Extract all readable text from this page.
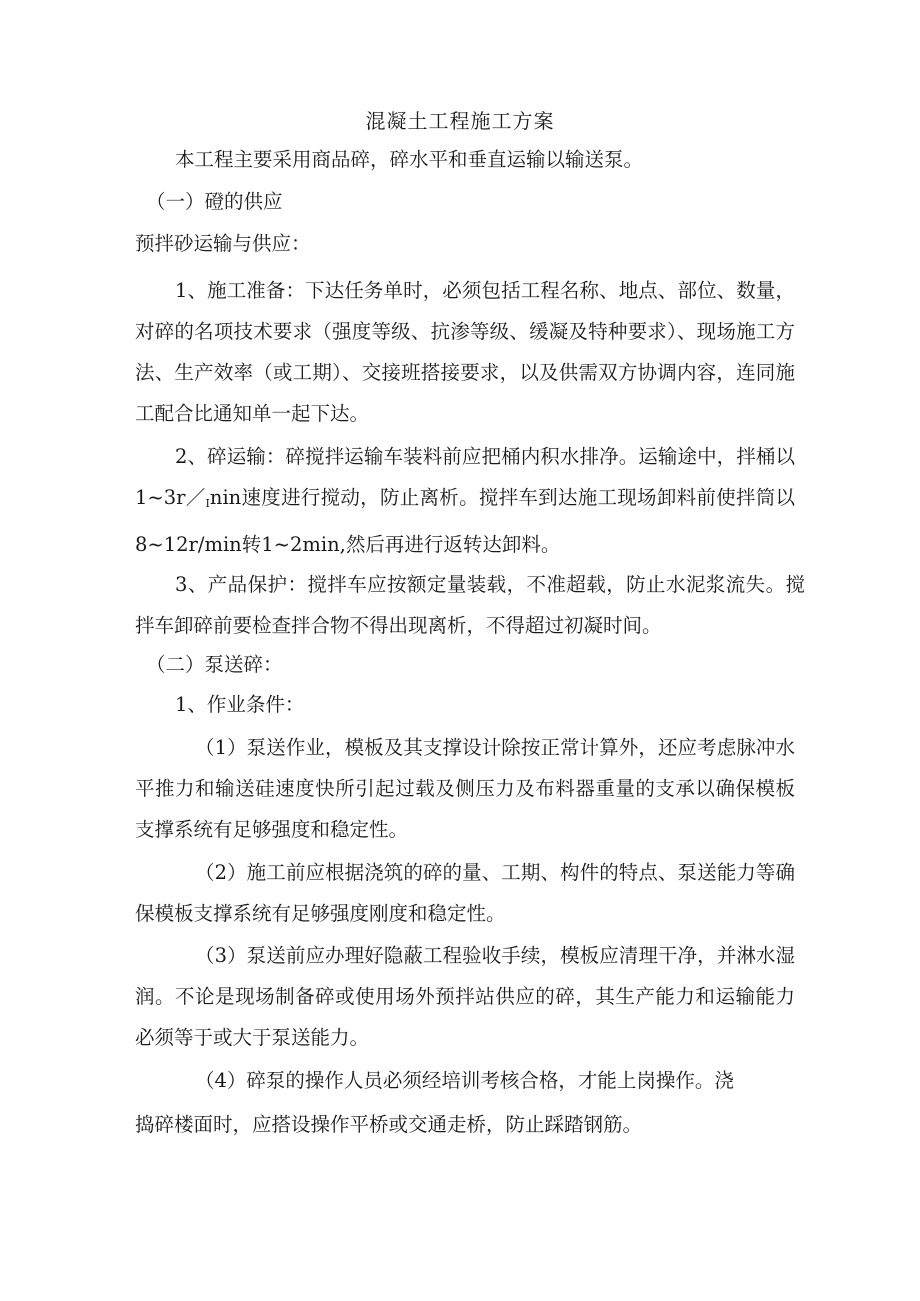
混凝土工程施工方案

本工程主要采用商品碎，碎水平和垂直运输以输送泵。

（一）磴的供应

预拌砂运输与供应：

1、施工准备：下达任务单时，必须包括工程名称、地点、部位、数量，对碎的名项技术要求（强度等级、抗渗等级、缓凝及特种要求）、现场施工方法、生产效率（或工期）、交接班搭接要求，以及供需双方协调内容，连同施工配合比通知单一起下达。

2、碎运输：碎搅拌运输车装料前应把桶内积水排净。运输途中，拌桶以$1\sim 3r/_Inin$速度进行搅动，防止离析。搅拌车到达施工现场卸料前使拌筒以8~12r/min转1~2min,然后再进行返转达卸料。

3、产品保护：搅拌车应按额定量装载，不准超载，防止水泥浆流失。搅拌车卸碎前要检查拌合物不得出现离析，不得超过初凝时间。

（二）泵送碎：

1、作业条件：

（1）泵送作业，模板及其支撑设计除按正常计算外，还应考虑脉冲水平推力和输送硅速度快所引起过载及侧压力及布料器重量的支承以确保模板支撑系统有足够强度和稳定性。

（2）施工前应根据浇筑的碎的量、工期、构件的特点、泵送能力等确保模板支撑系统有足够强度刚度和稳定性。

（3）泵送前应办理好隐蔽工程验收手续，模板应清理干净，并淋水湿润。不论是现场制备碎或使用场外预拌站供应的碎，其生产能力和运输能力必须等于或大于泵送能力。

（4）碎泵的操作人员必须经培训考核合格，才能上岗操作。浇

捣碎楼面时，应搭设操作平桥或交通走桥，防止踩踏钢筋。
